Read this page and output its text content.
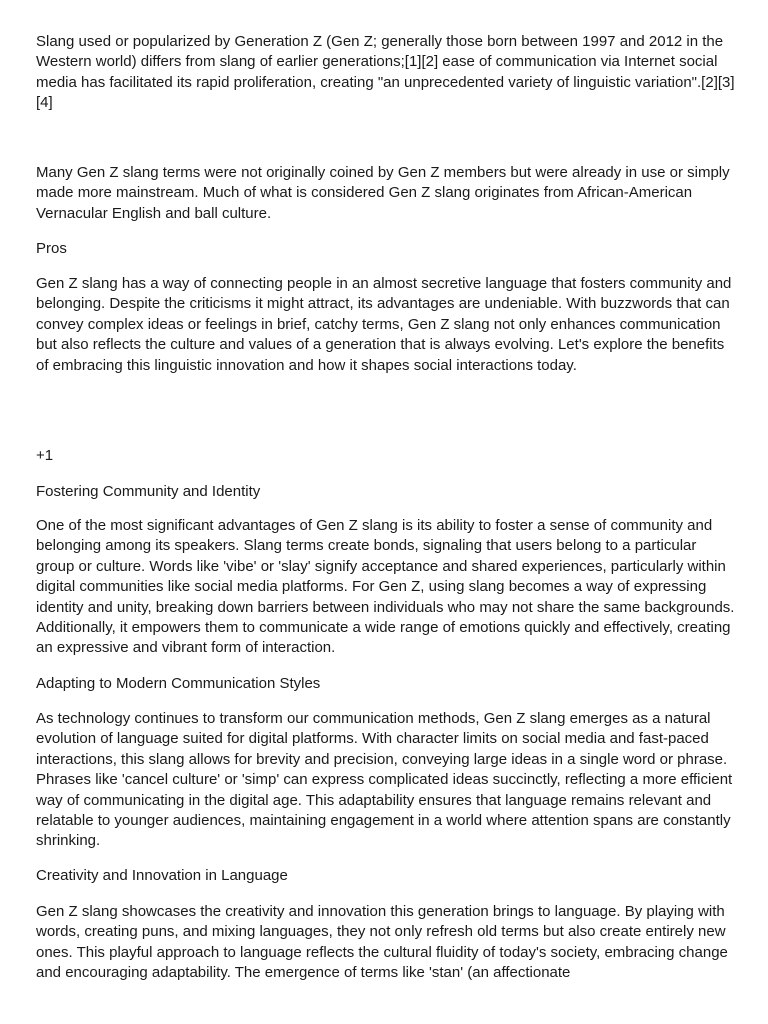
Slang used or popularized by Generation Z (Gen Z; generally those born between 1997 and 2012 in the Western world) differs from slang of earlier generations;[1][2] ease of communication via Internet social media has facilitated its rapid proliferation, creating "an unprecedented variety of linguistic variation".[2][3][4]

Many Gen Z slang terms were not originally coined by Gen Z members but were already in use or simply made more mainstream. Much of what is considered Gen Z slang originates from African-American Vernacular English and ball culture.

Pros

Gen Z slang has a way of connecting people in an almost secretive language that fosters community and belonging. Despite the criticisms it might attract, its advantages are undeniable. With buzzwords that can convey complex ideas or feelings in brief, catchy terms, Gen Z slang not only enhances communication but also reflects the culture and values of a generation that is always evolving. Let's explore the benefits of embracing this linguistic innovation and how it shapes social interactions today.

+1

Fostering Community and Identity

One of the most significant advantages of Gen Z slang is its ability to foster a sense of community and belonging among its speakers. Slang terms create bonds, signaling that users belong to a particular group or culture. Words like 'vibe' or 'slay' signify acceptance and shared experiences, particularly within digital communities like social media platforms. For Gen Z, using slang becomes a way of expressing identity and unity, breaking down barriers between individuals who may not share the same backgrounds. Additionally, it empowers them to communicate a wide range of emotions quickly and effectively, creating an expressive and vibrant form of interaction.

Adapting to Modern Communication Styles

As technology continues to transform our communication methods, Gen Z slang emerges as a natural evolution of language suited for digital platforms. With character limits on social media and fast-paced interactions, this slang allows for brevity and precision, conveying large ideas in a single word or phrase. Phrases like 'cancel culture' or 'simp' can express complicated ideas succinctly, reflecting a more efficient way of communicating in the digital age. This adaptability ensures that language remains relevant and relatable to younger audiences, maintaining engagement in a world where attention spans are constantly shrinking.

Creativity and Innovation in Language

Gen Z slang showcases the creativity and innovation this generation brings to language. By playing with words, creating puns, and mixing languages, they not only refresh old terms but also create entirely new ones. This playful approach to language reflects the cultural fluidity of today's society, embracing change and encouraging adaptability. The emergence of terms like 'stan' (an affectionate
